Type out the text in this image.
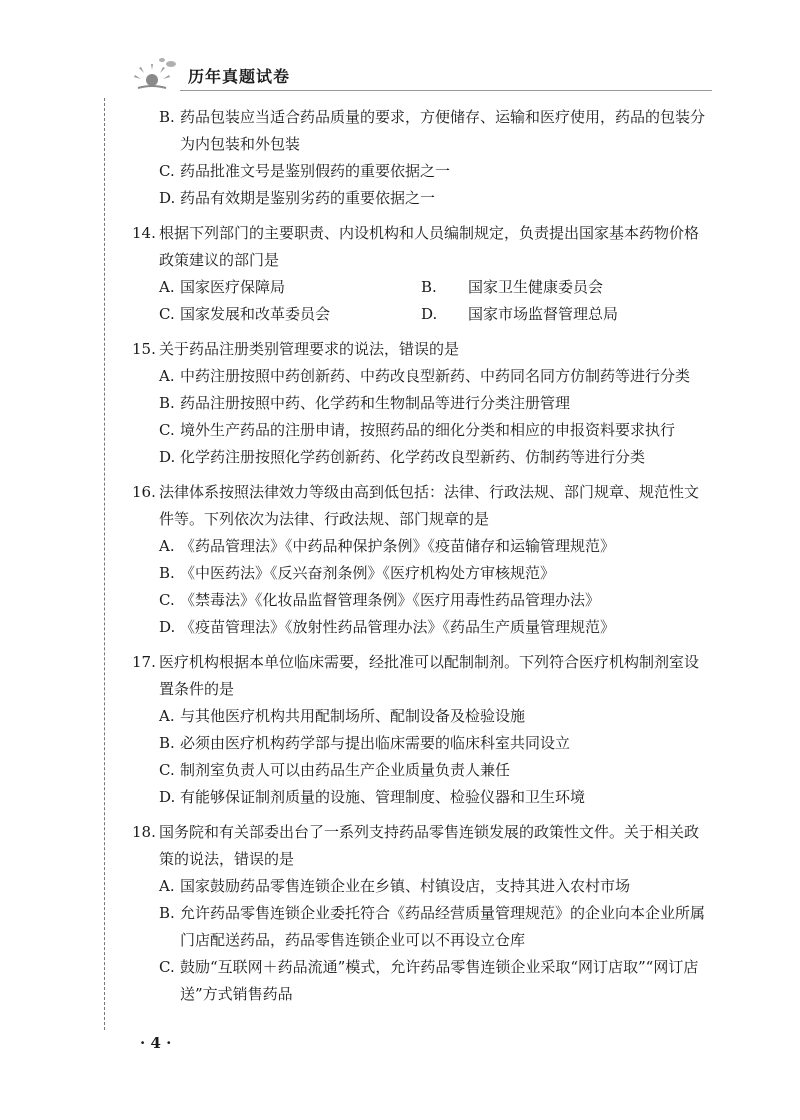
历年真题试卷
B. 药品包装应当适合药品质量的要求，方便储存、运输和医疗使用，药品的包装分为内包装和外包装
C. 药品批准文号是鉴别假药的重要依据之一
D. 药品有效期是鉴别劣药的重要依据之一
14. 根据下列部门的主要职责、内设机构和人员编制规定，负责提出国家基本药物价格政策建议的部门是
A. 国家医疗保障局	B. 国家卫生健康委员会
C. 国家发展和改革委员会	D. 国家市场监督管理总局
15. 关于药品注册类别管理要求的说法，错误的是
A. 中药注册按照中药创新药、中药改良型新药、中药同名同方仿制药等进行分类
B. 药品注册按照中药、化学药和生物制品等进行分类注册管理
C. 境外生产药品的注册申请，按照药品的细化分类和相应的申报资料要求执行
D. 化学药注册按照化学药创新药、化学药改良型新药、仿制药等进行分类
16. 法律体系按照法律效力等级由高到低包括：法律、行政法规、部门规章、规范性文件等。下列依次为法律、行政法规、部门规章的是
A. 《药品管理法》《中药品种保护条例》《疫苗储存和运输管理规范》
B. 《中医药法》《反兴奋剂条例》《医疗机构处方审核规范》
C. 《禁毒法》《化妆品监督管理条例》《医疗用毒性药品管理办法》
D. 《疫苗管理法》《放射性药品管理办法》《药品生产质量管理规范》
17. 医疗机构根据本单位临床需要，经批准可以配制制剂。下列符合医疗机构制剂室设置条件的是
A. 与其他医疗机构共用配制场所、配制设备及检验设施
B. 必须由医疗机构药学部与提出临床需要的临床科室共同设立
C. 制剂室负责人可以由药品生产企业质量负责人兼任
D. 有能够保证制剂质量的设施、管理制度、检验仪器和卫生环境
18. 国务院和有关部委出台了一系列支持药品零售连锁发展的政策性文件。关于相关政策的说法，错误的是
A. 国家鼓励药品零售连锁企业在乡镇、村镇设店，支持其进入农村市场
B. 允许药品零售连锁企业委托符合《药品经营质量管理规范》的企业向本企业所属门店配送药品，药品零售连锁企业可以不再设立仓库
C. 鼓励“互联网＋药品流通”模式，允许药品零售连锁企业采取“网订店取”“网订店送”方式销售药品
· 4 ·
